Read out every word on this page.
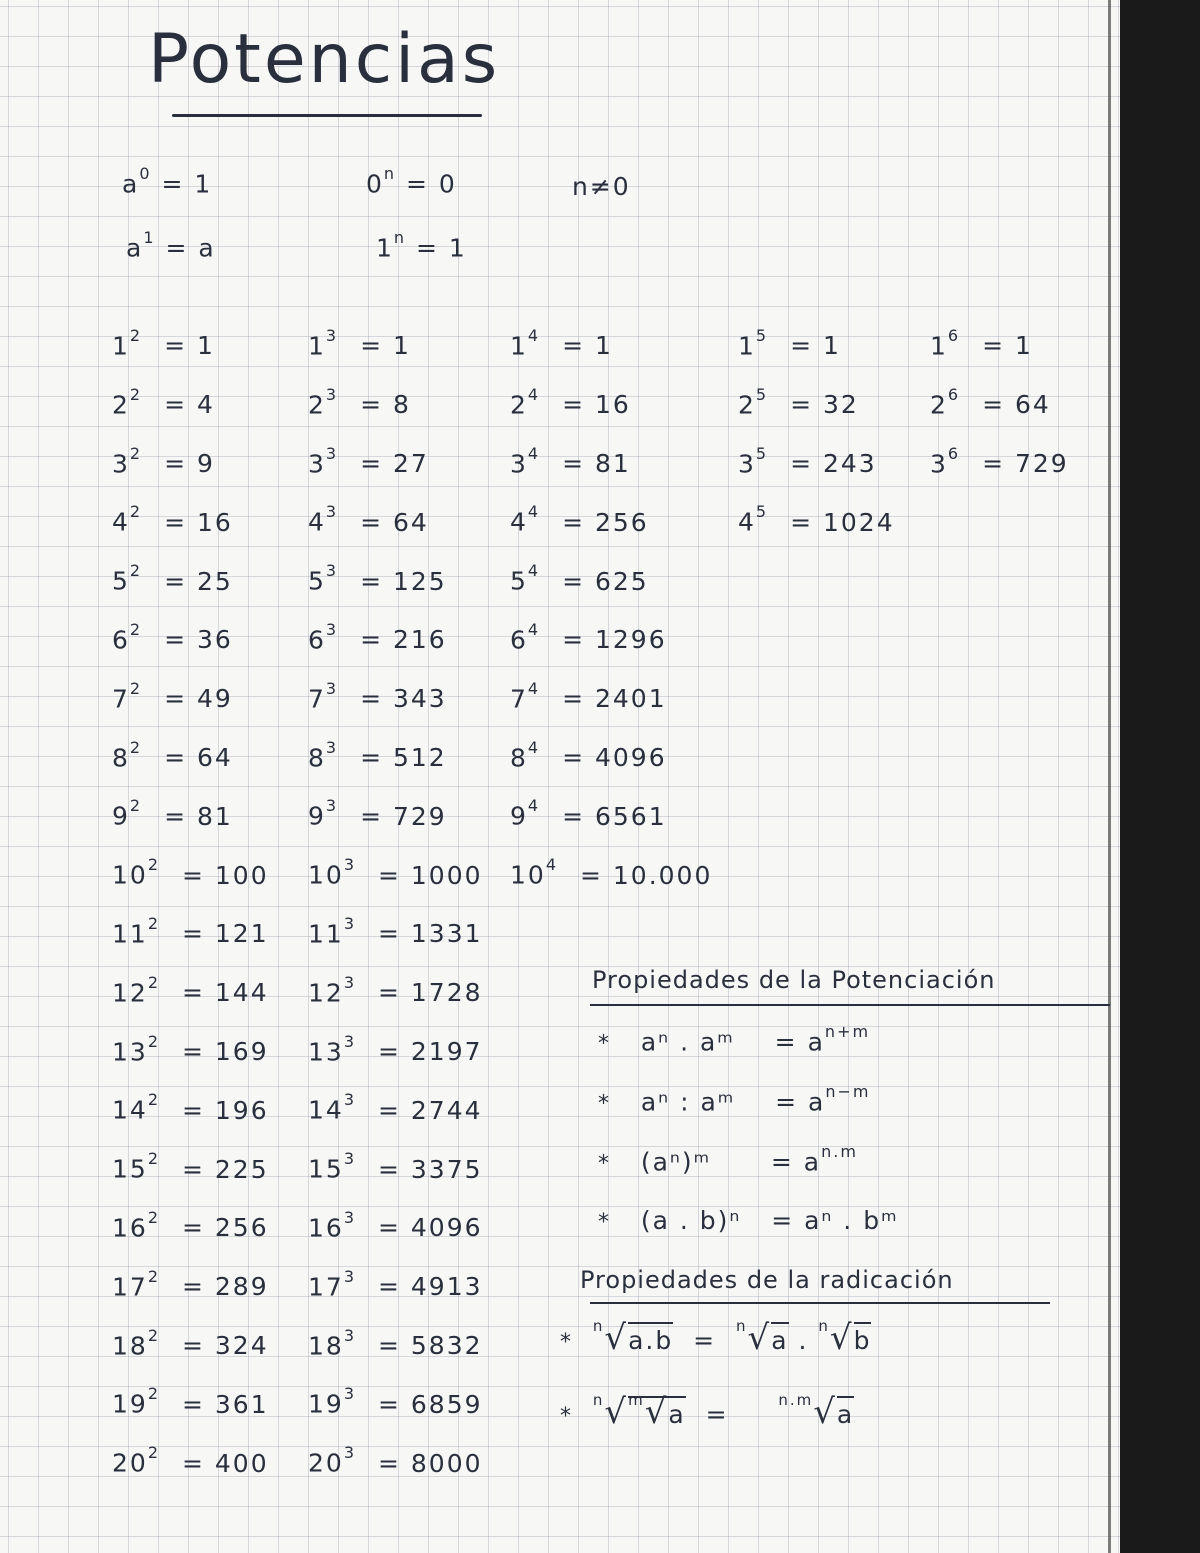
Potencias
$a^0 = 1$
$a^1 = a$
$0^n = 0$
$1^n = 1$
n≠0
$1^2 = 1$
$2^2 = 4$
$3^2 = 9$
$4^2 = 16$
$5^2 = 25$
$6^2 = 36$
$7^2 = 49$
$8^2 = 64$
$9^2 = 81$
$10^2 = 100$
$11^2 = 121$
$12^2 = 144$
$13^2 = 169$
$14^2 = 196$
$15^2 = 225$
$16^2 = 256$
$17^2 = 289$
$18^2 = 324$
$19^2 = 361$
$20^2 = 400$
$1^3 = 1$
$2^3 = 8$
$3^3 = 27$
$4^3 = 64$
$5^3 = 125$
$6^3 = 216$
$7^3 = 343$
$8^3 = 512$
$9^3 = 729$
$10^3 = 1000$
$11^3 = 1331$
$12^3 = 1728$
$13^3 = 2197$
$14^3 = 2744$
$15^3 = 3375$
$16^3 = 4096$
$17^3 = 4913$
$18^3 = 5832$
$19^3 = 6859$
$20^3 = 8000$
$1^4 = 1$
$2^4 = 16$
$3^4 = 81$
$4^4 = 256$
$5^4 = 625$
$6^4 = 1296$
$7^4 = 2401$
$8^4 = 4096$
$9^4 = 6561$
$10^4 = 10.000$
$1^5 = 1$
$2^5 = 32$
$3^5 = 243$
$4^5 = 1024$
$1^6 = 1$
$2^6 = 64$
$3^6 = 729$
Propiedades de la Potenciación
* aⁿ . aᵐ = $a^{n+m}$
* aⁿ : aᵐ = $a^{n-m}$
* (aⁿ)ᵐ = $a^{n.m}$
* (a . b)ⁿ = aⁿ . bᵐ
Propiedades de la radicación
*  $^n$√a.b = $^n$√a . $^n$√b
*  $^n$√$^m$√a =	$^{n.m}$√a
